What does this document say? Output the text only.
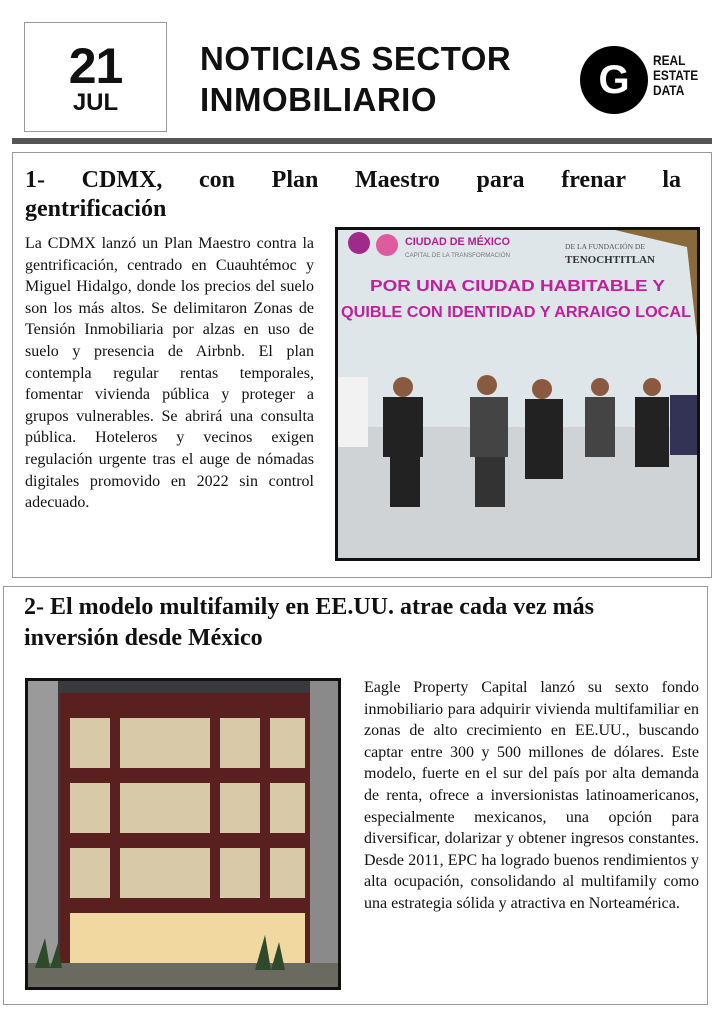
21
JUL
NOTICIAS SECTOR
INMOBILIARIO	G	REAL
ESTATE
DATA
1- CDMX, con Plan Maestro para frenar la
gentrificación
La CDMX lanzó un Plan Maestro contra la gentrificación, centrado en Cuauhtémoc y Miguel Hidalgo, donde los precios del suelo son los más altos. Se delimitaron Zonas de Tensión Inmobiliaria por alzas en uso de suelo y presencia de Airbnb. El plan contempla regular rentas temporales, fomentar vivienda pública y proteger a grupos vulnerables. Se abrirá una consulta pública. Hoteleros y vecinos exigen regulación urgente tras el auge de nómadas digitales promovido en 2022 sin control adecuado.
CIUDAD DE MÉXICO
CAPITAL DE LA TRANSFORMACIÓN
DE LA FUNDACIÓN DE
TENOCHTITLAN
POR UNA CIUDAD HABITABLE Y
QUIBLE CON IDENTIDAD Y ARRAIGO LOCAL
2- El modelo multifamily en EE.UU. atrae cada vez más
inversión desde México
Eagle Property Capital lanzó su sexto fondo inmobiliario para adquirir vivienda multifamiliar en zonas de alto crecimiento en EE.UU., buscando captar entre 300 y 500 millones de dólares. Este modelo, fuerte en el sur del país por alta demanda de renta, ofrece a inversionistas latinoamericanos, especialmente mexicanos, una opción para diversificar, dolarizar y obtener ingresos constantes. Desde 2011, EPC ha logrado buenos rendimientos y alta ocupación, consolidando al multifamily como una estrategia sólida y atractiva en Norteamérica.
